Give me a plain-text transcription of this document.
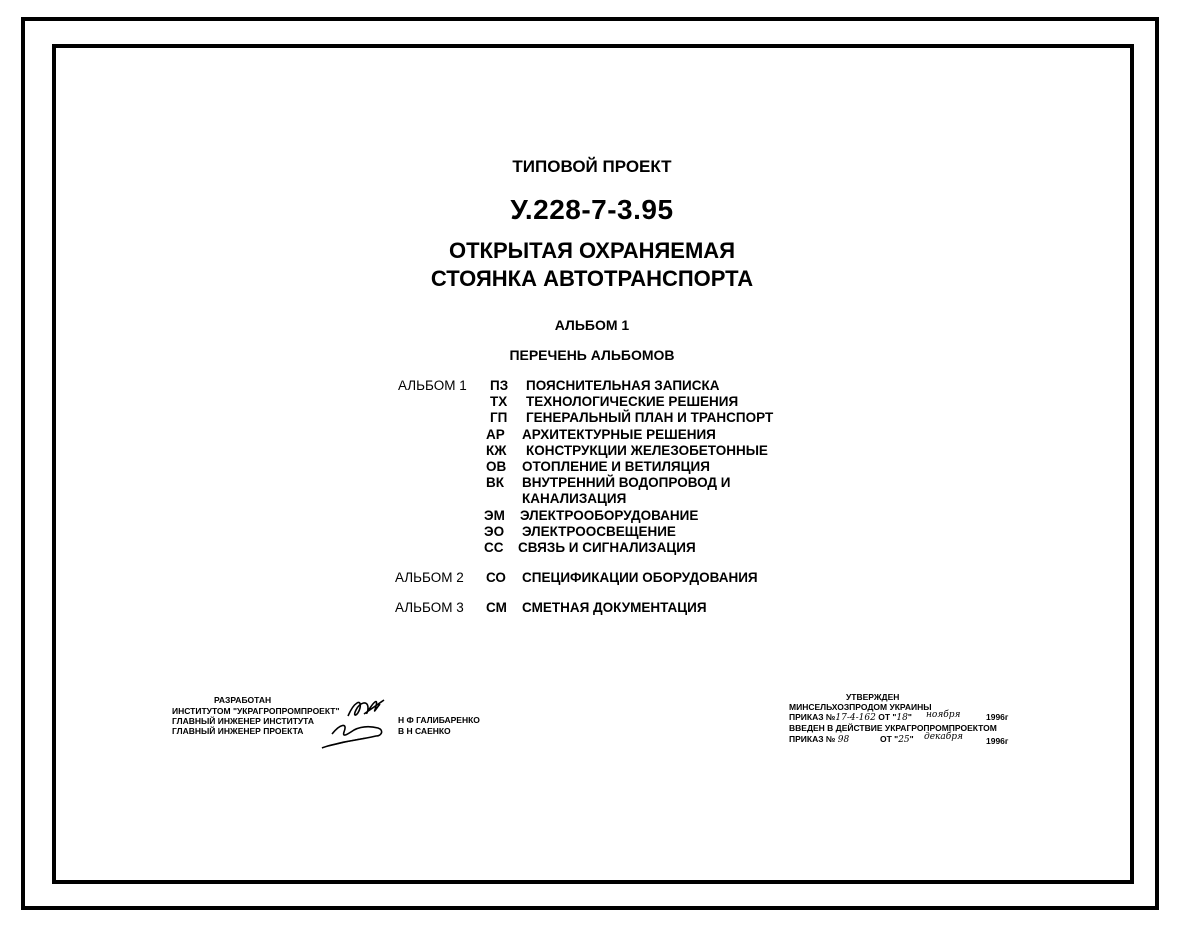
ТИПОВОЙ ПРОЕКТ
У.228-7-3.95
ОТКРЫТАЯ ОХРАНЯЕМАЯ
СТОЯНКА АВТОТРАНСПОРТА
АЛЬБОМ 1
ПЕРЕЧЕНЬ АЛЬБОМОВ
АЛЬБОМ 1 ПЗ ПОЯСНИТЕЛЬНАЯ ЗАПИСКА
ТХ ТЕХНОЛОГИЧЕСКИЕ РЕШЕНИЯ
ГП ГЕНЕРАЛЬНЫЙ ПЛАН И ТРАНСПОРТ
АР АРХИТЕКТУРНЫЕ РЕШЕНИЯ
КЖ КОНСТРУКЦИИ ЖЕЛЕЗОБЕТОННЫЕ
ОВ ОТОПЛЕНИЕ И ВЕТИЛЯЦИЯ
ВК ВНУТРЕННИЙ ВОДОПРОВОД И
КАНАЛИЗАЦИЯ
ЭМ ЭЛЕКТРООБОРУДОВАНИЕ
ЭО ЭЛЕКТРООСВЕЩЕНИЕ
СС СВЯЗЬ И СИГНАЛИЗАЦИЯ
АЛЬБОМ 2 СО СПЕЦИФИКАЦИИ ОБОРУДОВАНИЯ
АЛЬБОМ 3 СМ СМЕТНАЯ ДОКУМЕНТАЦИЯ
РАЗРАБОТАН
ИНСТИТУТОМ "УКРАГРОПРОМПРОЕКТ"
ГЛАВНЫЙ ИНЖЕНЕР ИНСТИТУТА
ГЛАВНЫЙ ИНЖЕНЕР ПРОЕКТА
Н Ф ГАЛИБАРЕНКО
В Н САЕНКО
УТВЕРЖДЕН
МИНСЕЛЬХОЗПРОДОМ УКРАИНЫ
ПРИКАЗ №17-4-162 ОТ "18" ноября	1996г
ВВЕДЕН В ДЕЙСТВИЕ УКРАГРОПРОМПРОЕКТОМ
ПРИКАЗ № 98	ОТ "25" декабря	1996г
